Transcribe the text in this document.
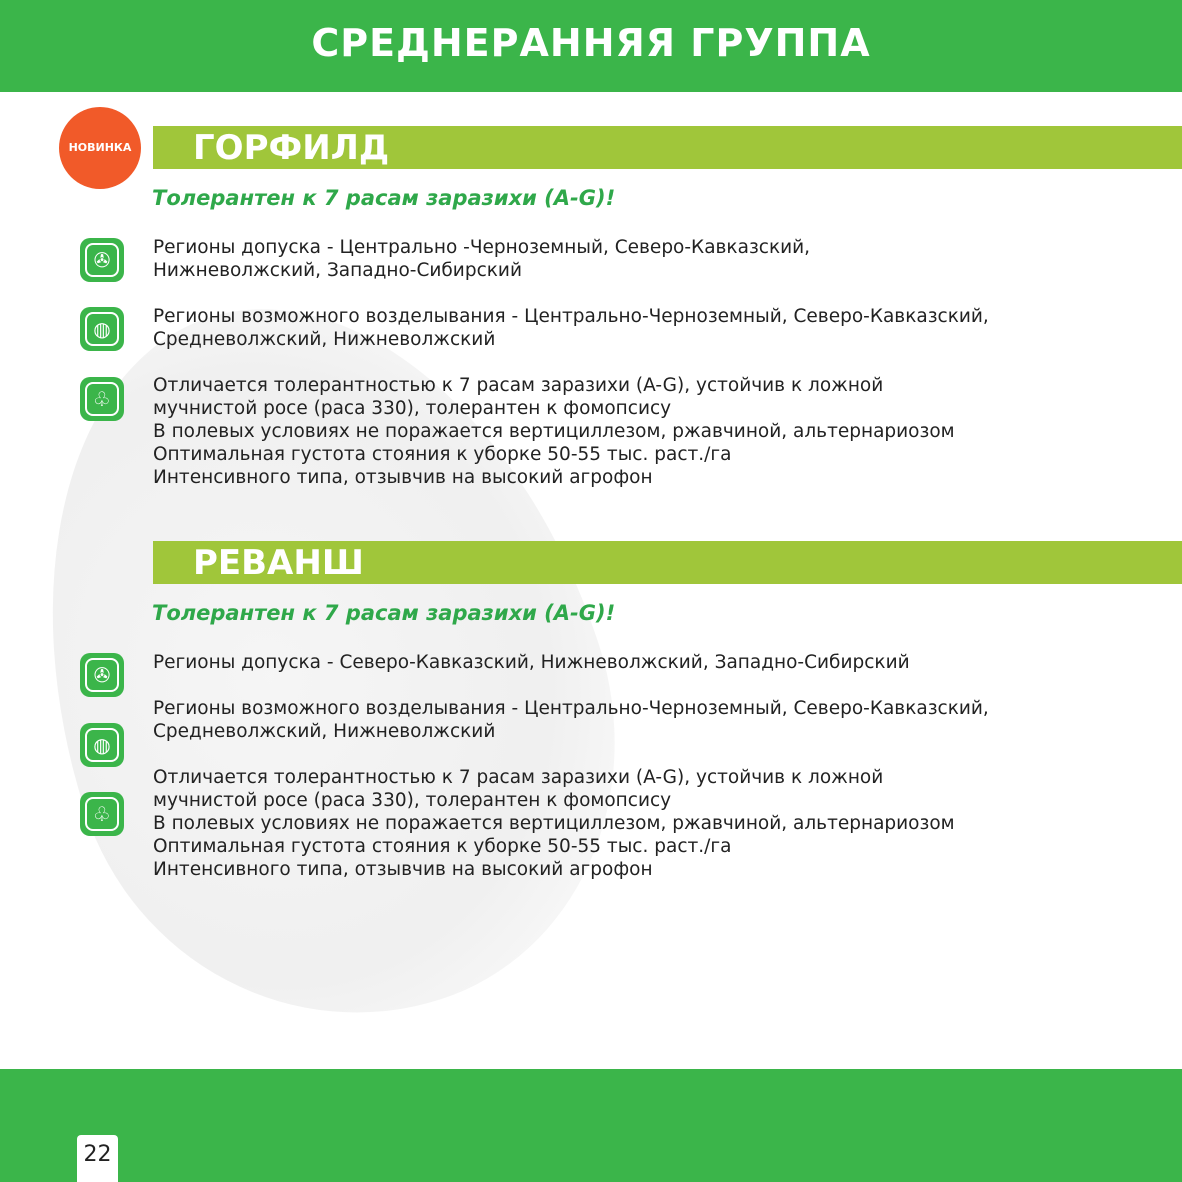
СРЕДНЕРАННЯЯ ГРУППА
НОВИНКА	ГОРФИЛД
Толерантен к 7 расам заразихи (A-G)!
✇
Регионы допуска - Центрально -Черноземный, Северо-Кавказский,
Нижневолжский, Западно-Сибирский
◍
Регионы возможного возделывания - Центрально-Черноземный, Северо-Кавказский,
Средневолжский, Нижневолжский
♧
Отличается толерантностью к 7 расам заразихи (A-G), устойчив к ложной
мучнистой росе (раса 330), толерантен к фомопсису
В полевых условиях не поражается вертициллезом, ржавчиной, альтернариозом
Оптимальная густота стояния к уборке 50-55 тыс. раст./га
Интенсивного типа, отзывчив на высокий агрофон
РЕВАНШ
Толерантен к 7 расам заразихи (A-G)!
✇
Регионы допуска - Северо-Кавказский, Нижневолжский, Западно-Сибирский
◍
Регионы возможного возделывания - Центрально-Черноземный, Северо-Кавказский,
Средневолжский, Нижневолжский
♧
Отличается толерантностью к 7 расам заразихи (A-G), устойчив к ложной
мучнистой росе (раса 330), толерантен к фомопсису
В полевых условиях не поражается вертициллезом, ржавчиной, альтернариозом
Оптимальная густота стояния к уборке 50-55 тыс. раст./га
Интенсивного типа, отзывчив на высокий агрофон
22
